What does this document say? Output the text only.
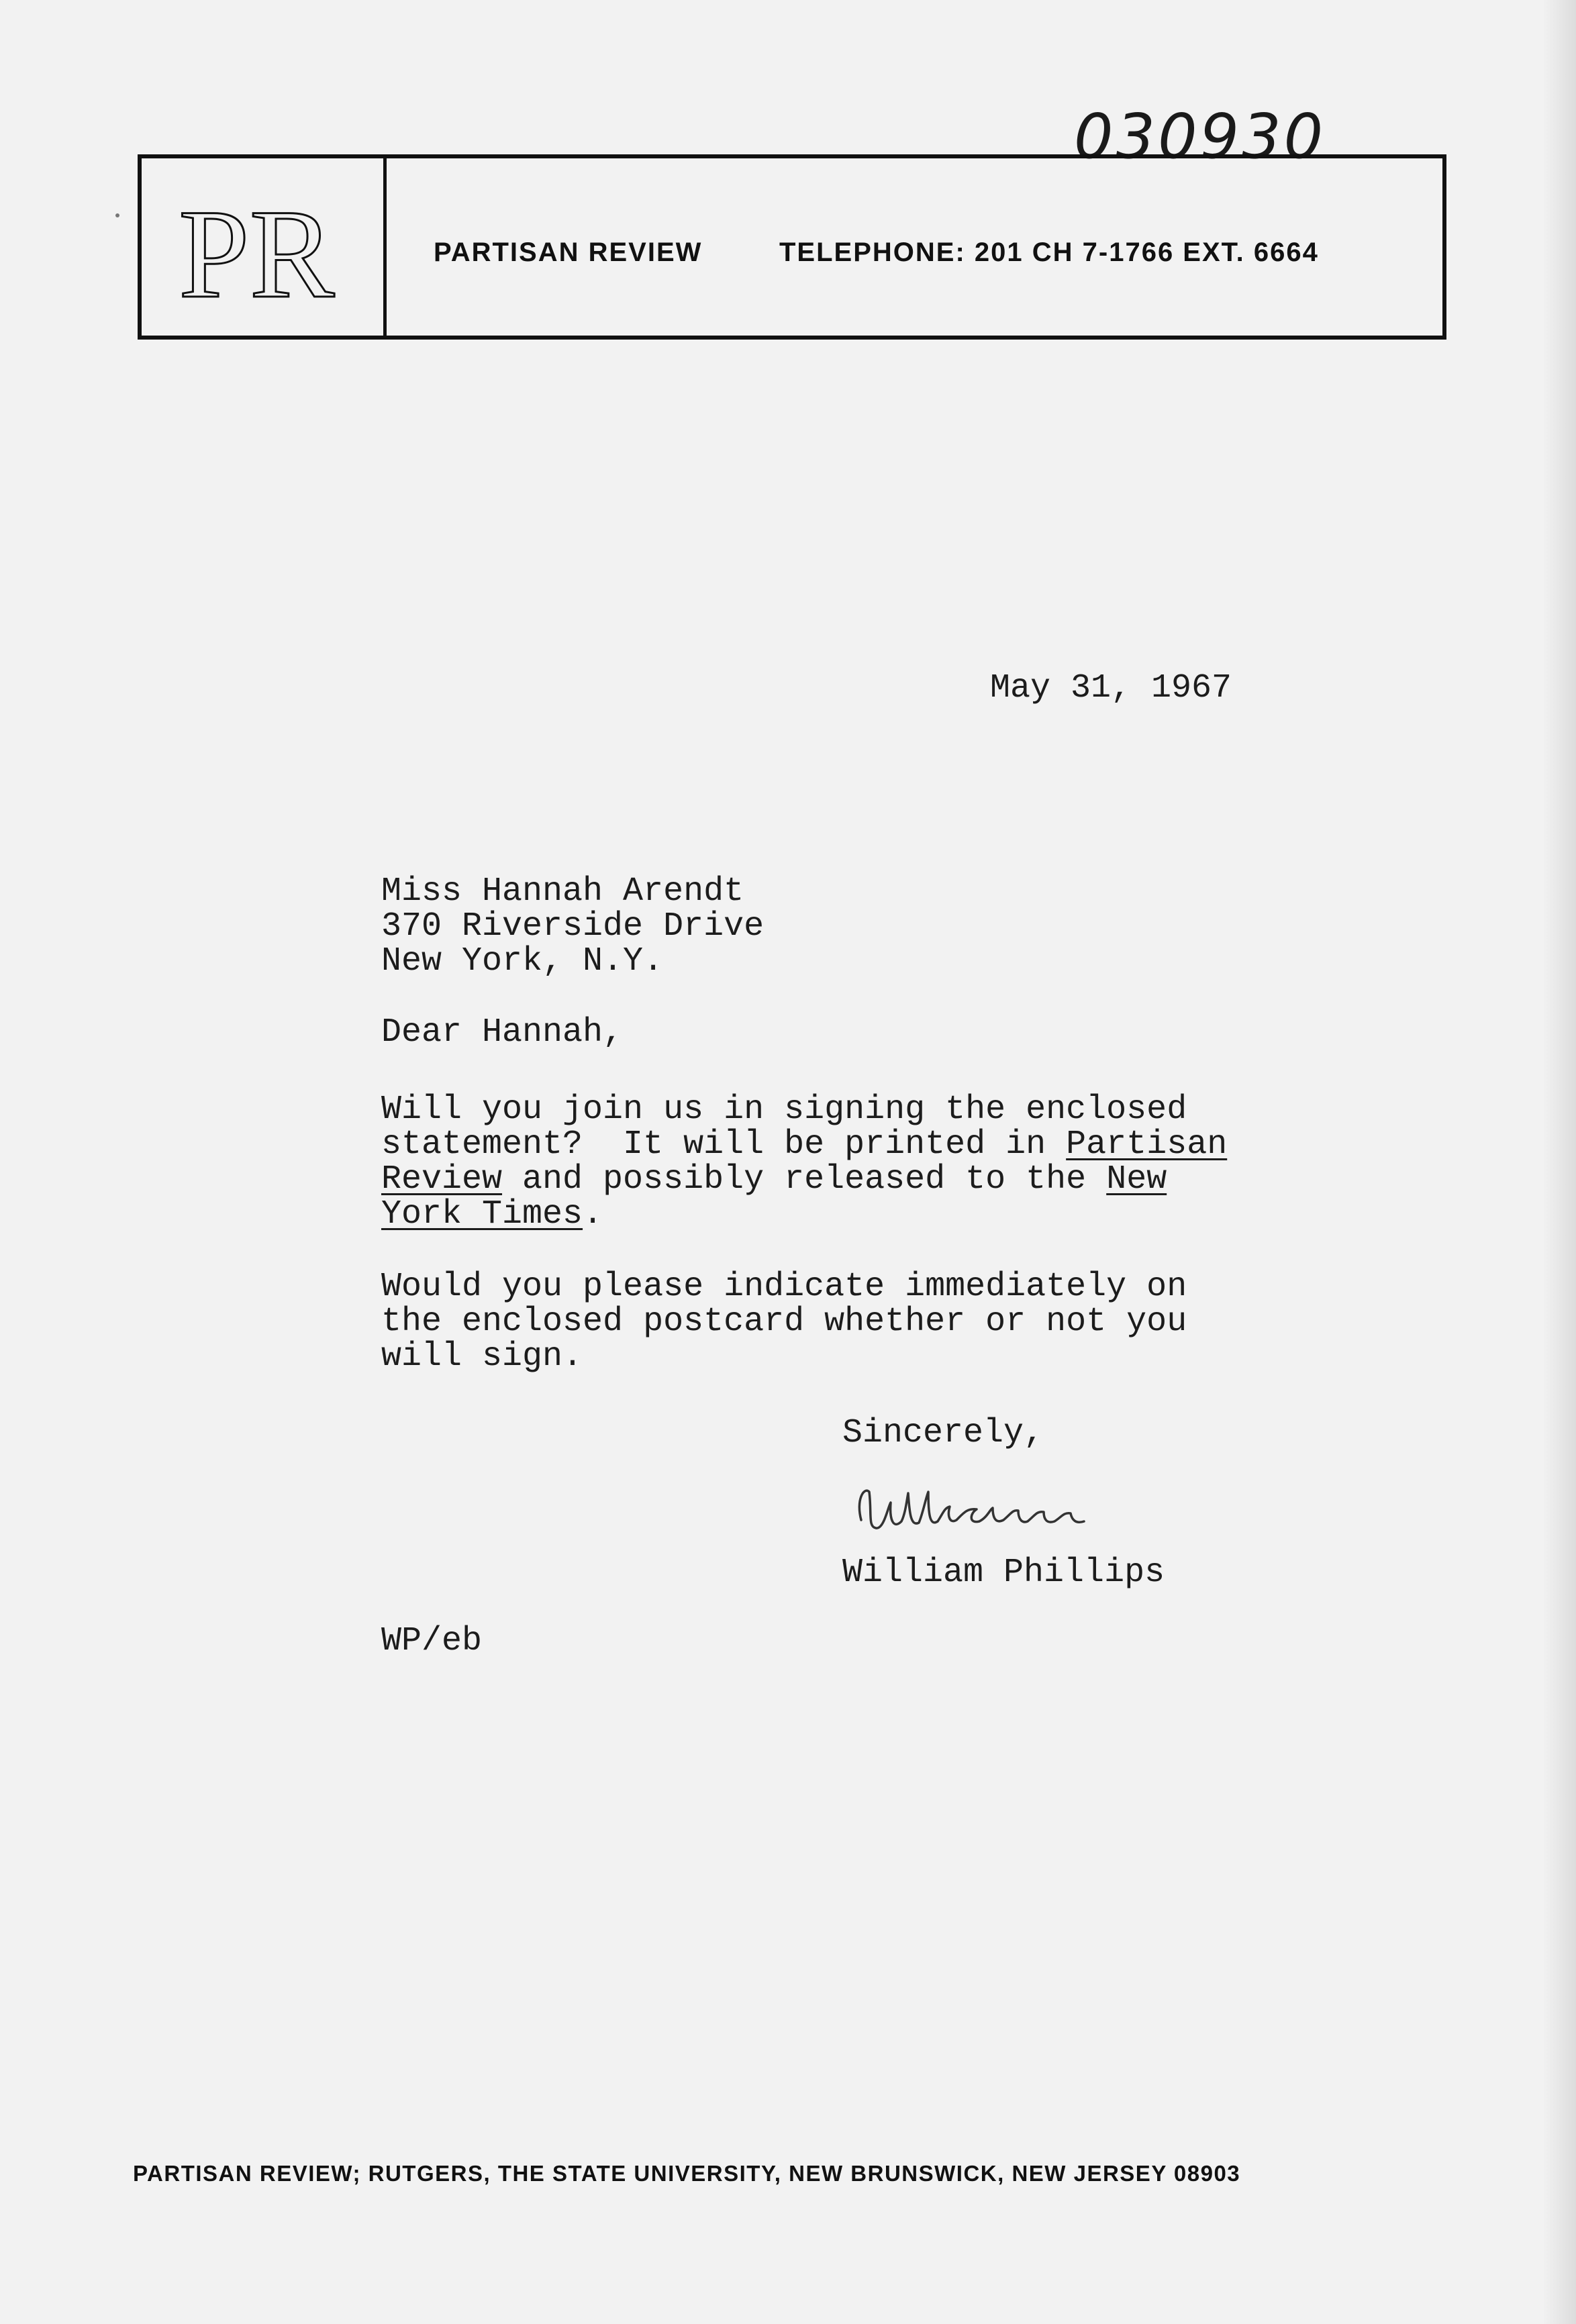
030930
PR	PARTISAN REVIEW	TELEPHONE: 201 CH 7-1766 EXT. 6664
May 31, 1967
Miss Hannah Arendt
370 Riverside Drive
New York, N.Y.
Dear Hannah,
Will you join us in signing the enclosed
statement?  It will be printed in Partisan
Review and possibly released to the New
York Times.
Would you please indicate immediately on
the enclosed postcard whether or not you
will sign.
Sincerely,
William Phillips
WP/eb
PARTISAN REVIEW; RUTGERS, THE STATE UNIVERSITY, NEW BRUNSWICK, NEW JERSEY 08903
